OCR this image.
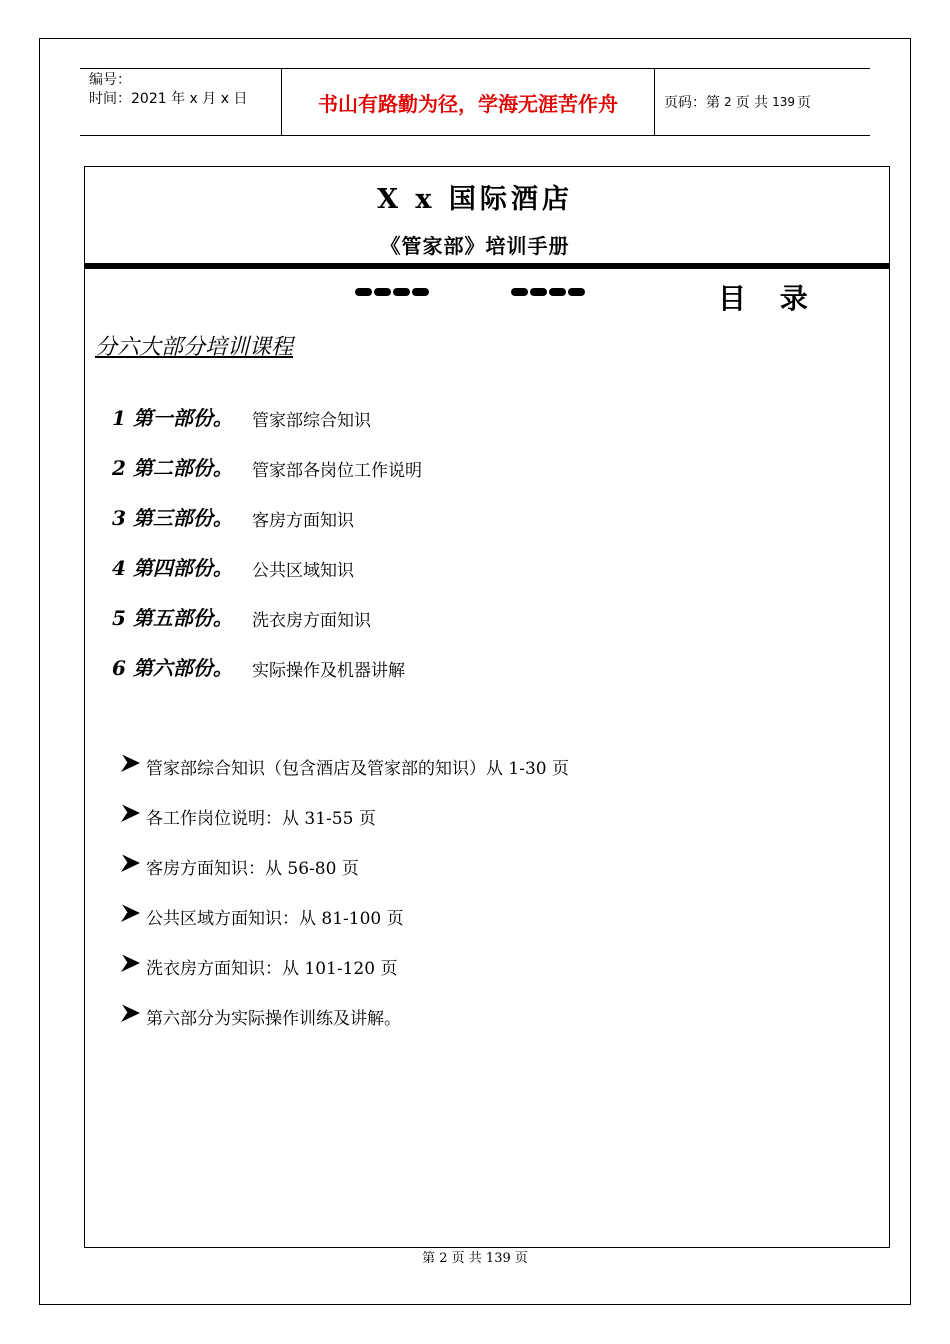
编号：
时间：2021 年 x 月 x 日	书山有路勤为径，学海无涯苦作舟	页码：第 2 页 共 139 页
X x 国际酒店
《管家部》培训手册
目 录
分六大部分培训课程
1 第一部份。	管家部综合知识
2 第二部份。	管家部各岗位工作说明
3 第三部份。	客房方面知识
4 第四部份。	公共区域知识
5 第五部份。	洗衣房方面知识
6 第六部份。	实际操作及机器讲解
管家部综合知识（包含酒店及管家部的知识）从 1-30 页
各工作岗位说明：从 31-55 页
客房方面知识：从 56-80 页
公共区域方面知识：从 81-100 页
洗衣房方面知识：从 101-120 页
第六部分为实际操作训练及讲解。
第 2 页 共 139 页
